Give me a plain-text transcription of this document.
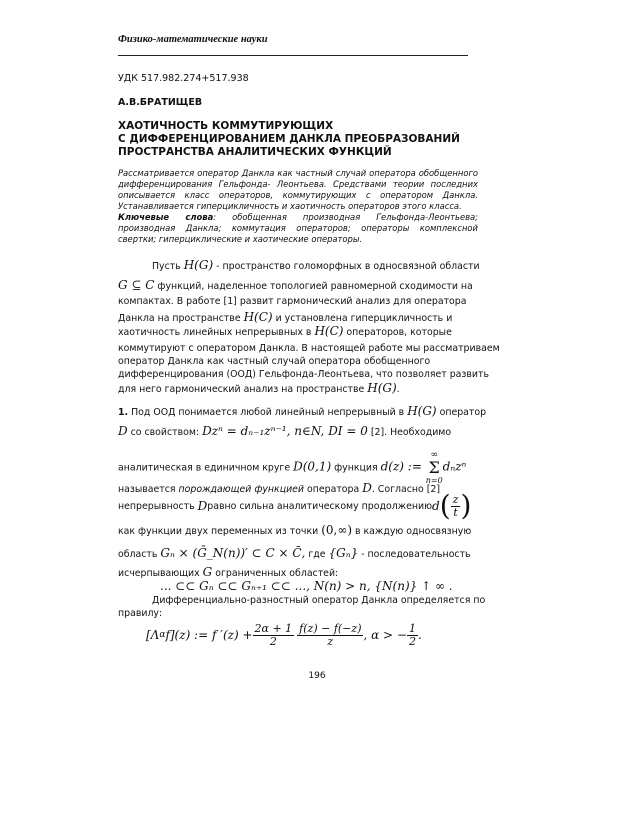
Физико-математические науки
УДК 517.982.274+517.938
А.В.БРАТИЩЕВ
ХАОТИЧНОСТЬ КОММУТИРУЮЩИХ
С ДИФФЕРЕНЦИРОВАНИЕМ ДАНКЛА ПРЕОБРАЗОВАНИЙ
ПРОСТРАНСТВА АНАЛИТИЧЕСКИХ ФУНКЦИЙ
Рассматривается оператор Данкла как частный случай оператора обобщенного дифференцирования Гельфонда- Леонтьева. Средствами теории последних описывается класс операторов, коммутирующих с оператором Данкла. Устанавливается гиперцикличность и хаотичность операторов этого класса.
Ключевые слова: обобщенная производная Гельфонда-Леонтьева; производная Данкла; коммутация операторов; операторы комплексной свертки; гиперциклические и хаотические операторы.
Пусть H(G) - пространство голоморфных в односвязной области
G ⊆ C функций, наделенное топологией равномерной сходимости на
компактах. В работе [1] развит гармонический анализ для оператора
Данкла на пространстве H(C) и установлена гиперцикличность и
хаотичность линейных непрерывных в H(C) операторов, которые
коммутируют с оператором Данкла. В настоящей работе мы рассматриваем
оператор Данкла как частный случай оператора обобщенного
дифференцирования (ООД) Гельфонда-Леонтьева, что позволяет развить
для него гармонический анализ на пространстве H(G).
1. Под ООД понимается любой линейный непрерывный в H(G) оператор
D со свойством: Dzⁿ = dₙ₋₁zⁿ⁻¹, n∈N, DI = 0 [2]. Необходимо
аналитическая в единичном круге D(0,1) функция d(z) :=
∞
Σ
n=0
dₙzⁿ
называется порождающей функцией оператора D. Согласно [2]
непрерывность
D равно сильна аналитическому продолжению d ( $\frac{z}{t}$ )
как функции двух переменных из точки (0,∞) в каждую односвязную
область Gₙ × (Ḡ_N(n))′ ⊂ C × C̄, где {Gₙ} - последовательность
исчерпывающих G ограниченных областей:
... ⊂⊂ Gₙ ⊂⊂ Gₙ₊₁ ⊂⊂ ..., N(n) > n, {N(n)} ↑ ∞ .
Дифференциально-разностный оператор Данкла определяется по
правилу:
[Λ α f](z) := f $'(z) + \frac{2\alpha + 1}{2} \frac{f(z) - f(-z)}{z}$ , α > − $\frac{1}{2}$ .
196
